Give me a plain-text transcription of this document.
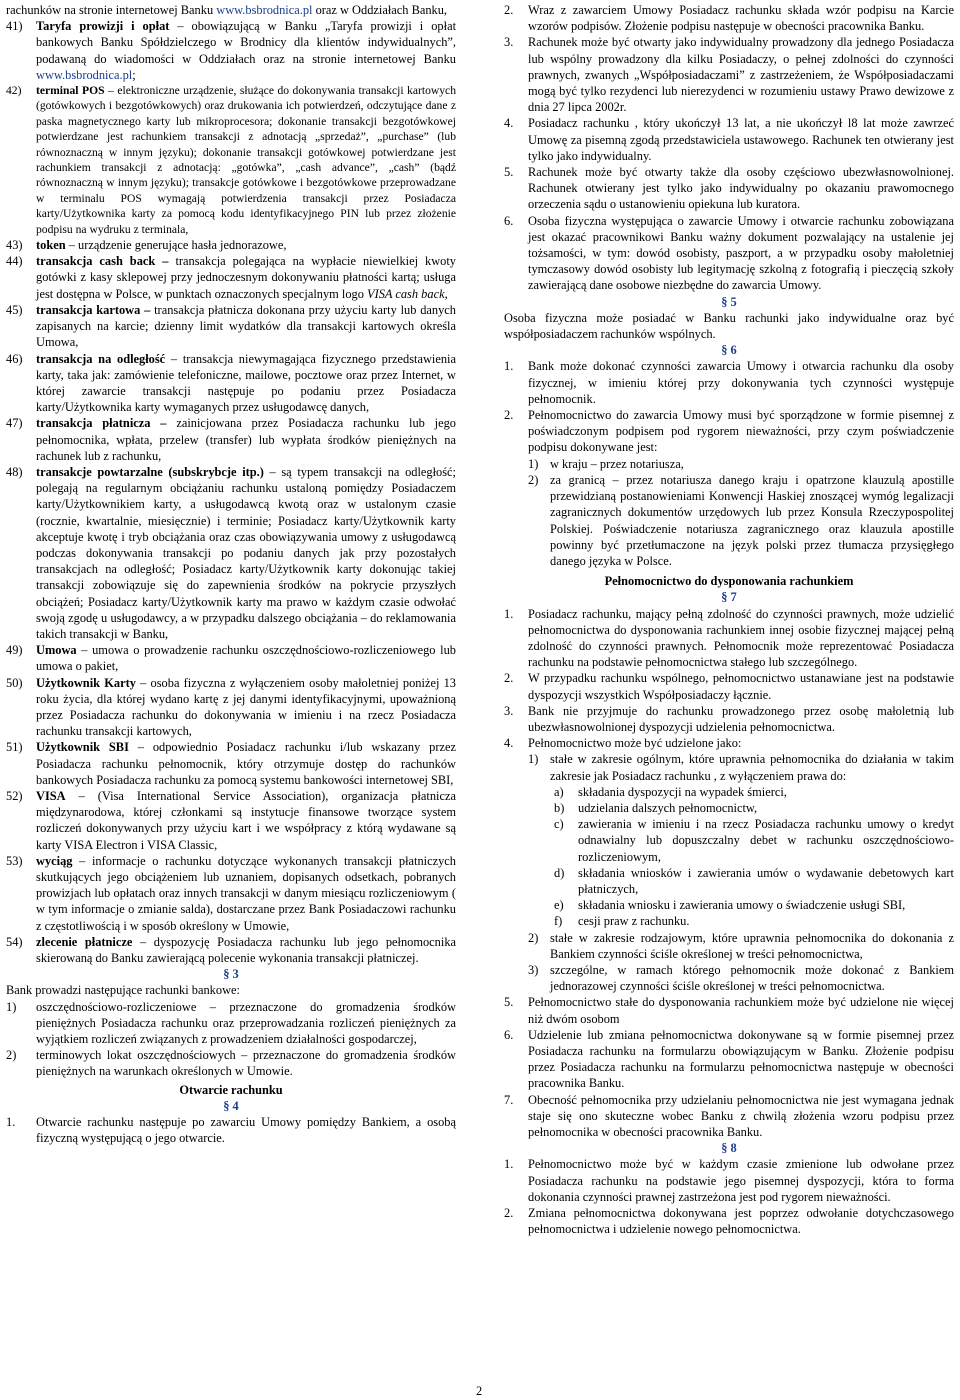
rachunków na stronie internetowej Banku www.bsbrodnica.pl oraz w Oddziałach Banku,

41) Taryfa prowizji i opłat – obowiązującą w Banku „Taryfa prowizji i opłat bankowych Banku Spółdzielczego w Brodnicy dla klientów indywidualnych”, podawaną do wiadomości w Oddziałach oraz na stronie internetowej Banku www.bsbrodnica.pl;

42) terminal POS – elektroniczne urządzenie, służące do dokonywania transakcji kartowych (gotówkowych i bezgotówkowych) oraz drukowania ich potwierdzeń, odczytujące dane z paska magnetycznego karty lub mikroprocesora; dokonanie transakcji bezgotówkowej potwierdzane jest rachunkiem transakcji z adnotacją „sprzedaż”, „purchase” (lub równoznaczną w innym języku); dokonanie transakcji gotówkowej potwierdzane jest rachunkiem transakcji z adnotacją: „gotówka”, „cash advance”, „cash” (bądź równoznaczną w innym języku); transakcje gotówkowe i bezgotówkowe przeprowadzane w terminalu POS wymagają potwierdzenia transakcji przez Posiadacza karty/Użytkownika karty za pomocą kodu identyfikacyjnego PIN lub przez złożenie podpisu na wydruku z terminala,

43) token – urządzenie generujące hasła jednorazowe,

44) transakcja cash back – transakcja polegająca na wypłacie niewielkiej kwoty gotówki z kasy sklepowej przy jednoczesnym dokonywaniu płatności kartą; usługa jest dostępna w Polsce, w punktach oznaczonych specjalnym logo VISA cash back,

45) transakcja kartowa – transakcja płatnicza dokonana przy użyciu karty lub danych zapisanych na karcie; dzienny limit wydatków dla transakcji kartowych określa Umowa,

46) transakcja na odległość – transakcja niewymagająca fizycznego przedstawienia karty, taka jak: zamówienie telefoniczne, mailowe, pocztowe oraz przez Internet, w której zawarcie transakcji następuje po podaniu przez Posiadacza karty/Użytkownika karty wymaganych przez usługodawcę danych,

47) transakcja płatnicza – zainicjowana przez Posiadacza rachunku lub jego pełnomocnika, wpłata, przelew (transfer) lub wypłata środków pieniężnych na rachunek lub z rachunku,

48) transakcje powtarzalne (subskrybcje itp.) – są typem transakcji na odległość; polegają na regularnym obciążaniu rachunku ustaloną pomiędzy Posiadaczem karty/Użytkownikiem karty, a usługodawcą kwotą oraz w ustalonym czasie (rocznie, kwartalnie, miesięcznie) i terminie; Posiadacz karty/Użytkownik karty akceptuje kwotę i tryb obciążania oraz czas obowiązywania umowy z usługodawcą podczas dokonywania transakcji po podaniu danych jak przy pozostałych transakcjach na odległość; Posiadacz karty/Użytkownik karty dokonując takiej transakcji zobowiązuje się do zapewnienia środków na pokrycie przyszłych obciążeń; Posiadacz karty/Użytkownik karty ma prawo w każdym czasie odwołać swoją zgodę u usługodawcy, a w przypadku dalszego obciążania – do reklamowania takich transakcji w Banku,

49) Umowa – umowa o prowadzenie rachunku oszczędnościowo-rozliczeniowego lub umowa o pakiet,

50) Użytkownik Karty – osoba fizyczna z wyłączeniem osoby małoletniej poniżej 13 roku życia, dla której wydano kartę z jej danymi identyfikacyjnymi, upoważnioną przez Posiadacza rachunku do dokonywania w imieniu i na rzecz Posiadacza rachunku transakcji kartowych,

51) Użytkownik SBI – odpowiednio Posiadacz rachunku i/lub wskazany przez Posiadacza rachunku pełnomocnik, który otrzymuje dostęp do rachunków bankowych Posiadacza rachunku za pomocą systemu bankowości internetowej SBI,

52) VISA – (Visa International Service Association), organizacja płatnicza międzynarodowa, której członkami są instytucje finansowe tworzące system rozliczeń dokonywanych przy użyciu kart i we współpracy z którą wydawane są karty VISA Electron i VISA Classic,

53) wyciąg – informacje o rachunku dotyczące wykonanych transakcji płatniczych skutkujących jego obciążeniem lub uznaniem, dopisanych odsetkach, pobranych prowizjach lub opłatach oraz innych transakcji w danym miesiącu rozliczeniowym ( w tym informacje o zmianie salda), dostarczane przez Bank Posiadaczowi rachunku z częstotliwością i w sposób określony w Umowie,

54) zlecenie płatnicze – dyspozycję Posiadacza rachunku lub jego pełnomocnika skierowaną do Banku zawierającą polecenie wykonania transakcji płatniczej.

§ 3

Bank prowadzi następujące rachunki bankowe:

1) oszczędnościowo-rozliczeniowe – przeznaczone do gromadzenia środków pieniężnych Posiadacza rachunku oraz przeprowadzania rozliczeń pieniężnych za wyjątkiem rozliczeń związanych z prowadzeniem działalności gospodarczej,

2) terminowych lokat oszczędnościowych – przeznaczone do gromadzenia środków pieniężnych na warunkach określonych w Umowie.

Otwarcie rachunku

§ 4

1. Otwarcie rachunku następuje po zawarciu Umowy pomiędzy Bankiem, a osobą fizyczną występującą o jego otwarcie.

2

2. Wraz z zawarciem Umowy Posiadacz rachunku składa wzór podpisu na Karcie wzorów podpisów. Złożenie podpisu następuje w obecności pracownika Banku.

3. Rachunek może być otwarty jako indywidualny prowadzony dla jednego Posiadacza lub wspólny prowadzony dla kilku Posiadaczy, o pełnej zdolności do czynności prawnych, zwanych „Współposiadaczami” z zastrzeżeniem, że Współposiadaczami mogą być tylko rezydenci lub nierezydenci w rozumieniu ustawy Prawo dewizowe z dnia 27 lipca 2002r.

4. Posiadacz rachunku , który ukończył 13 lat, a nie ukończył l8 lat może zawrzeć Umowę za pisemną zgodą przedstawiciela ustawowego. Rachunek ten otwierany jest tylko jako indywidualny.

5. Rachunek może być otwarty także dla osoby częściowo ubezwłasnowolnionej. Rachunek otwierany jest tylko jako indywidualny po okazaniu prawomocnego orzeczenia sądu o ustanowieniu opiekuna lub kuratora.

6. Osoba fizyczna występująca o zawarcie Umowy i otwarcie rachunku zobowiązana jest okazać pracownikowi Banku ważny dokument pozwalający na ustalenie jej tożsamości, w tym: dowód osobisty, paszport, a w przypadku osoby małoletniej tymczasowy dowód osobisty lub legitymację szkolną z fotografią i pieczęcią szkoły zawierającą dane osobowe niezbędne do zawarcia Umowy.

§ 5

Osoba fizyczna może posiadać w Banku rachunki jako indywidualne oraz być współposiadaczem rachunków wspólnych.

§ 6

1. Bank może dokonać czynności zawarcia Umowy i otwarcia rachunku dla osoby fizycznej, w imieniu której przy dokonywania tych czynności występuje pełnomocnik.

2. Pełnomocnictwo do zawarcia Umowy musi być sporządzone w formie pisemnej z poświadczonym podpisem pod rygorem nieważności, przy czym poświadczenie podpisu dokonywane jest:

1) w kraju – przez notariusza,

2) za granicą – przez notariusza danego kraju i opatrzone klauzulą apostille przewidzianą postanowieniami Konwencji Haskiej znoszącej wymóg legalizacji zagranicznych dokumentów urzędowych lub przez Konsula Rzeczypospolitej Polskiej. Poświadczenie notariusza zagranicznego oraz klauzula apostille powinny być przetłumaczone na język polski przez tłumacza przysięgłego danego języka w Polsce.

Pełnomocnictwo do dysponowania rachunkiem

§ 7

1. Posiadacz rachunku, mający pełną zdolność do czynności prawnych, może udzielić pełnomocnictwa do dysponowania rachunkiem innej osobie fizycznej mającej pełną zdolność do czynności prawnych. Pełnomocnik może reprezentować Posiadacza rachunku na podstawie pełnomocnictwa stałego lub szczególnego.

2. W przypadku rachunku wspólnego, pełnomocnictwo ustanawiane jest na podstawie dyspozycji wszystkich Współposiadaczy łącznie.

3. Bank nie przyjmuje do rachunku prowadzonego przez osobę małoletnią lub ubezwłasnowolnionej dyspozycji udzielenia pełnomocnictwa.

4. Pełnomocnictwo może być udzielone jako:

1) stałe w zakresie ogólnym, które uprawnia pełnomocnika do działania w takim zakresie jak Posiadacz rachunku , z wyłączeniem prawa do:

a) składania dyspozycji na wypadek śmierci,

b) udzielania dalszych pełnomocnictw,

c) zawierania w imieniu i na rzecz Posiadacza rachunku umowy o kredyt odnawialny lub dopuszczalny debet w rachunku oszczędnościowo-rozliczeniowym,

d) składania wniosków i zawierania umów o wydawanie debetowych kart płatniczych,

e) składania wniosku i zawierania umowy o świadczenie usługi SBI,

f) cesji praw z rachunku.

2) stałe w zakresie rodzajowym, które uprawnia pełnomocnika do dokonania z Bankiem czynności ściśle określonej w treści pełnomocnictwa,

3) szczególne, w ramach którego pełnomocnik może dokonać z Bankiem jednorazowej czynności ściśle określonej w treści pełnomocnictwa.

5. Pełnomocnictwo stałe do dysponowania rachunkiem może być udzielone nie więcej niż dwóm osobom

6. Udzielenie lub zmiana pełnomocnictwa dokonywane są w formie pisemnej przez Posiadacza rachunku na formularzu obowiązującym w Banku. Złożenie podpisu przez Posiadacza rachunku na formularzu pełnomocnictwa następuje w obecności pracownika Banku.

7. Obecność pełnomocnika przy udzielaniu pełnomocnictwa nie jest wymagana jednak staje się ono skuteczne wobec Banku z chwilą złożenia wzoru podpisu przez pełnomocnika w obecności pracownika Banku.

§ 8

1. Pełnomocnictwo może być w każdym czasie zmienione lub odwołane przez Posiadacza rachunku na podstawie jego pisemnej dyspozycji, która to forma dokonania czynności prawnej zastrzeżona jest pod rygorem nieważności.

2. Zmiana pełnomocnictwa dokonywana jest poprzez odwołanie dotychczasowego pełnomocnictwa i udzielenie nowego pełnomocnictwa.
